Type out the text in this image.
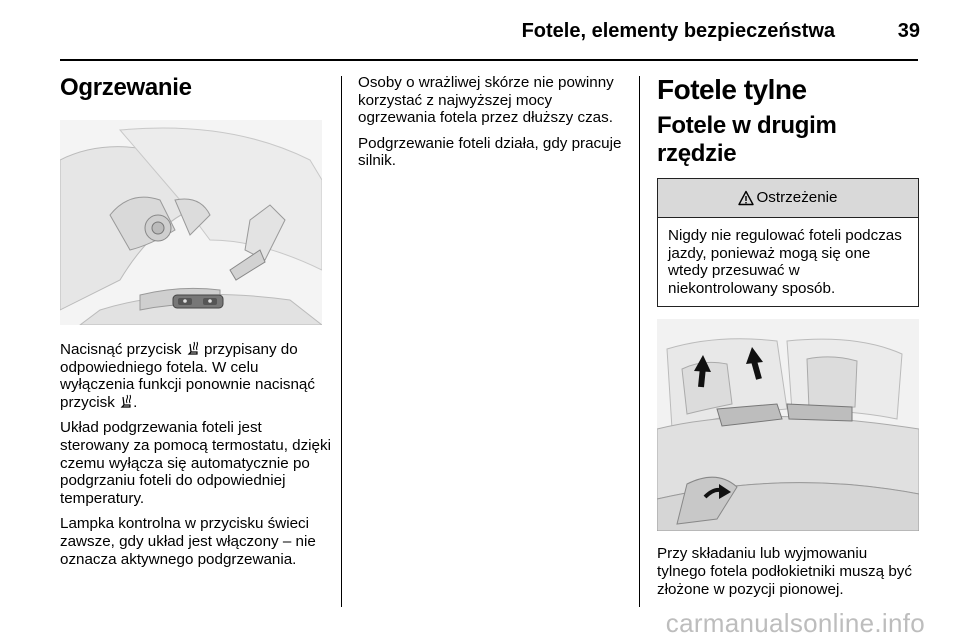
Fotele, elementy bezpieczeństwa	39
Ogrzewanie

Nacisnąć przycisk  przypisany do odpowiedniego fotela. W celu wyłączenia funkcji ponownie nacisnąć przycisk .

Układ podgrzewania foteli jest sterowany za pomocą termostatu, dzięki czemu wyłącza się automatycznie po podgrzaniu foteli do odpowiedniej temperatury.

Lampka kontrolna w przycisku świeci zawsze, gdy układ jest włączony – nie oznacza aktywnego podgrzewania.

Osoby o wrażliwej skórze nie powinny korzystać z najwyższej mocy ogrzewania fotela przez dłuższy czas.

Podgrzewanie foteli działa, gdy pracuje silnik.

Fotele tylne
Fotele w drugim rzędzie
Ostrzeżenie
Nigdy nie regulować foteli podczas jazdy, ponieważ mogą się one wtedy przesuwać w niekontrolowany sposób.

Przy składaniu lub wyjmowaniu tylnego fotela podłokietniki muszą być złożone w pozycji pionowej.

carmanualsonline.info
